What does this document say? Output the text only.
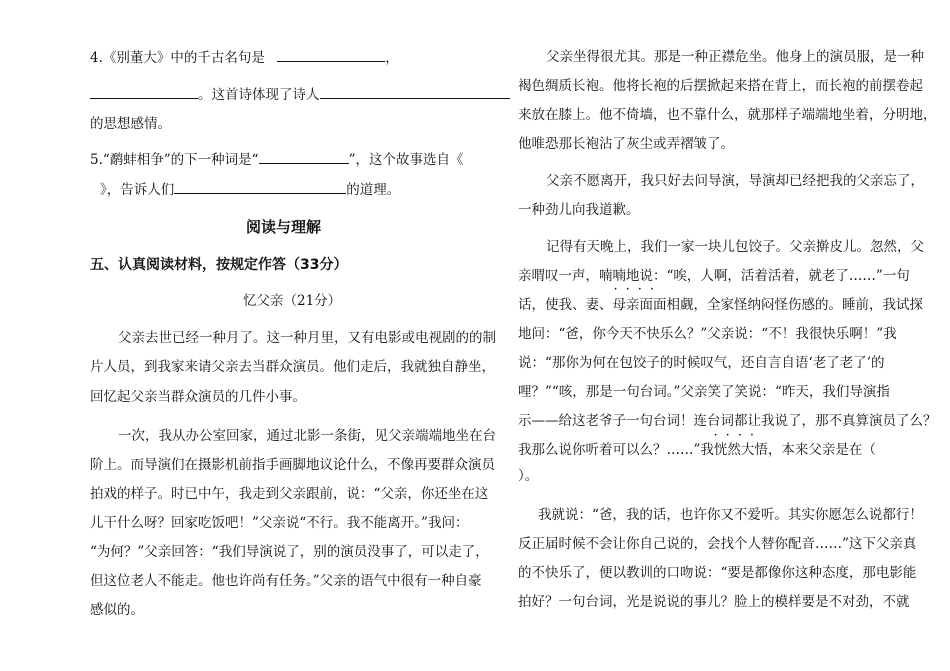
4.《别董大》中的千古名句是	，
。这首诗体现了诗人
的思想感情。
5.“鹬蚌相争”的下一种词是“	”，这个故事选自《
》，告诉人们	的道理。
阅读与理解
五、认真阅读材料，按规定作答（33分）
忆父亲（21分）
父亲去世已经一种月了。这一种月里，又有电影或电视剧的的制
片人员，到我家来请父亲去当群众演员。他们走后，我就独自静坐，
回忆起父亲当群众演员的几件小事。
一次，我从办公室回家，通过北影一条街，见父亲端端地坐在台
阶上。而导演们在摄影机前指手画脚地议论什么，不像再要群众演员
拍戏的样子。时已中午，我走到父亲跟前，说：“父亲，你还坐在这
儿干什么呀？回家吃饭吧！”父亲说“不行。我不能离开。”我问：
“为何？”父亲回答：“我们导演说了，别的演员没事了，可以走了，
但这位老人不能走。他也许尚有任务。”父亲的语气中很有一种自豪
感似的。
父亲坐得很尤其。那是一种正襟危坐。他身上的演员服，是一种
褐色绸质长袍。他将长袍的后摆掀起来搭在背上，而长袍的前摆卷起
来放在膝上。他不倚墙，也不靠什么，就那样子端端地坐着，分明地，
他唯恐那长袍沾了灰尘或弄褶皱了。
父亲不愿离开，我只好去问导演，导演却已经把我的父亲忘了，
一种劲儿向我道歉。
记得有天晚上，我们一家一块儿包饺子。父亲擀皮儿。忽然，父
亲喟叹一声，喃喃地说：“唉，人啊，活着活着，就老了……”一句
····
话，使我、妻、母亲面面相觑，全家怪纳闷怪伤感的。睡前，我试探
地问：“爸，你今天不快乐么？”父亲说：“不！我很快乐啊！”我
说：“那你为何在包饺子的时候叹气，还自言自语‘老了老了’的
哩？”“咳，那是一句台词。”父亲笑了笑说：“昨天，我们导演指
示——给这老爷子一句台词！连台词都让我说了，那不真算演员了么？
····
我那么说你听着可以么？……”我恍然大悟，本来父亲是在（
）。
我就说：“爸，我的话，也许你又不爱听。其实你愿怎么说都行！
反正届时候不会让你自己说的，会找个人替你配音……”这下父亲真
的不快乐了，便以教训的口吻说：“要是都像你这种态度，那电影能
拍好？一句台词，光是说说的事儿？脸上的模样要是不对劲，不就
